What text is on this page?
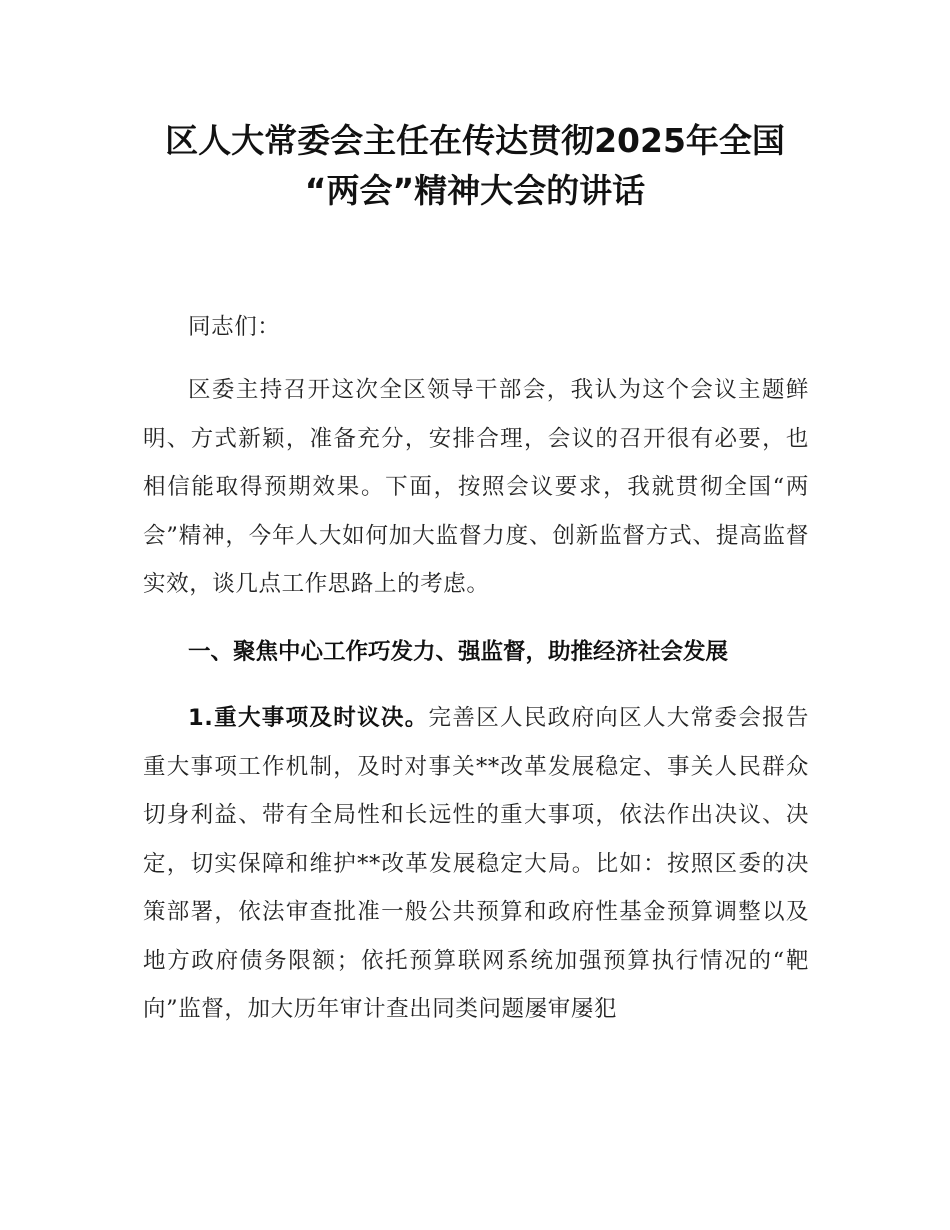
区人大常委会主任在传达贯彻2025年全国
“两会”精神大会的讲话

同志们：

区委主持召开这次全区领导干部会，我认为这个会议主题鲜明、方式新颖，准备充分，安排合理，会议的召开很有必要，也相信能取得预期效果。下面，按照会议要求，我就贯彻全国“两会”精神，今年人大如何加大监督力度、创新监督方式、提高监督实效，谈几点工作思路上的考虑。

一、聚焦中心工作巧发力、强监督，助推经济社会发展

1.重大事项及时议决。完善区人民政府向区人大常委会报告重大事项工作机制，及时对事关**改革发展稳定、事关人民群众切身利益、带有全局性和长远性的重大事项，依法作出决议、决定，切实保障和维护**改革发展稳定大局。比如：按照区委的决策部署，依法审查批准一般公共预算和政府性基金预算调整以及地方政府债务限额；依托预算联网系统加强预算执行情况的“靶向”监督，加大历年审计查出同类问题屡审屡犯
